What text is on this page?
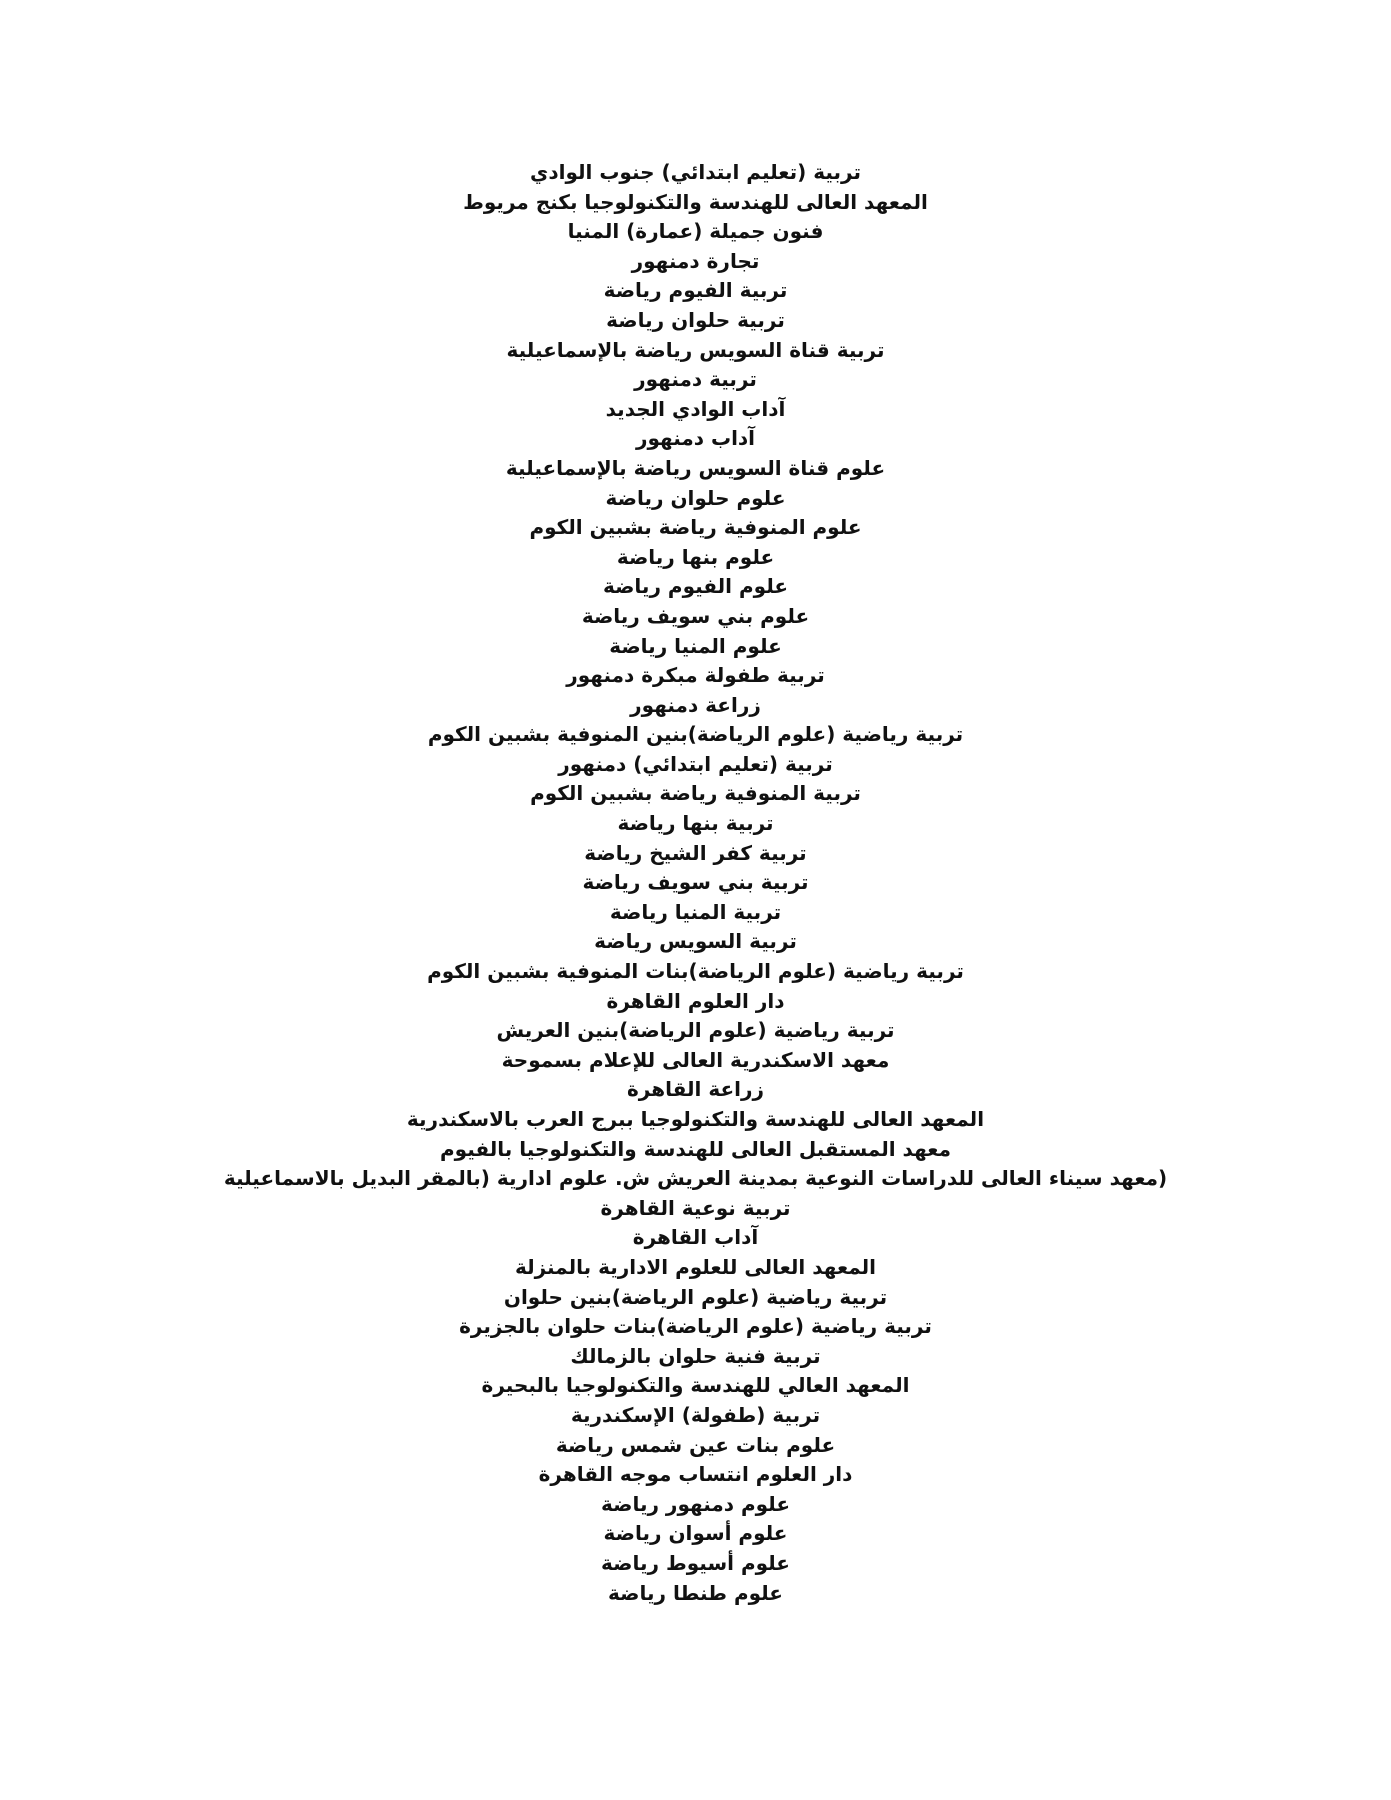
تربية (تعليم ابتدائي) جنوب الوادي
المعهد العالى للهندسة والتكنولوجيا بكنج مريوط
فنون جميلة (عمارة) المنيا
تجارة دمنهور
تربية الفيوم رياضة
تربية حلوان رياضة
تربية قناة السويس رياضة بالإسماعيلية
تربية دمنهور
آداب الوادي الجديد
آداب دمنهور
علوم قناة السويس رياضة بالإسماعيلية
علوم حلوان رياضة
علوم المنوفية رياضة بشبين الكوم
علوم بنها رياضة
علوم الفيوم رياضة
علوم بني سويف رياضة
علوم المنيا رياضة
تربية طفولة مبكرة دمنهور
زراعة دمنهور
تربية رياضية (علوم الرياضة)بنين المنوفية بشبين الكوم
تربية (تعليم ابتدائي) دمنهور
تربية المنوفية رياضة بشبين الكوم
تربية بنها رياضة
تربية كفر الشيخ رياضة
تربية بني سويف رياضة
تربية المنيا رياضة
تربية السويس رياضة
تربية رياضية (علوم الرياضة)بنات المنوفية بشبين الكوم
دار العلوم القاهرة
تربية رياضية (علوم الرياضة)بنين العريش
معهد الاسكندرية العالى للإعلام بسموحة
زراعة القاهرة
المعهد العالى للهندسة والتكنولوجيا ببرج العرب بالاسكندرية
معهد المستقبل العالى للهندسة والتكنولوجيا بالفيوم
(معهد سيناء العالى للدراسات النوعية بمدينة العريش ش. علوم ادارية (بالمقر البديل بالاسماعيلية
تربية نوعية القاهرة
آداب القاهرة
المعهد العالى للعلوم الادارية بالمنزلة
تربية رياضية (علوم الرياضة)بنين حلوان
تربية رياضية (علوم الرياضة)بنات حلوان بالجزيرة
تربية فنية حلوان بالزمالك
المعهد العالي للهندسة والتكنولوجيا بالبحيرة
تربية (طفولة) الإسكندرية
علوم بنات عين شمس رياضة
دار العلوم انتساب موجه القاهرة
علوم دمنهور رياضة
علوم أسوان رياضة
علوم أسيوط رياضة
علوم طنطا رياضة
